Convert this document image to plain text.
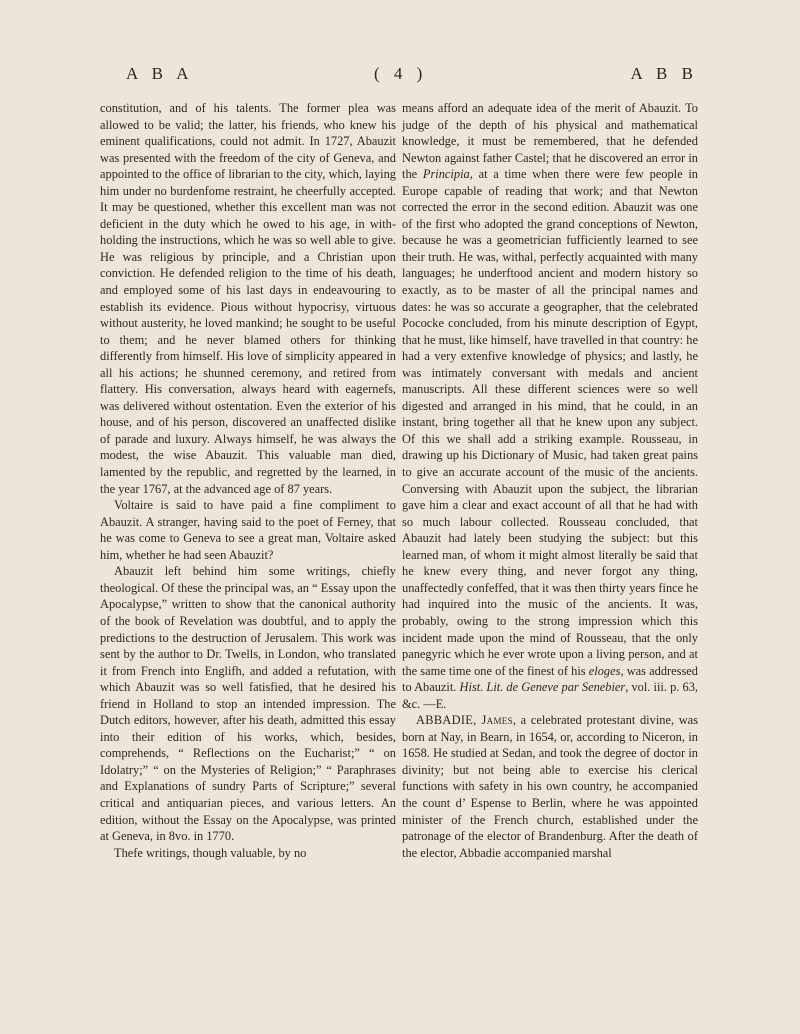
A B A	( 4 )	A B B

constitution, and of his talents. The former plea was allowed to be valid; the latter, his friends, who knew his eminent qualifications, could not admit. In 1727, Abauzit was presented with the freedom of the city of Geneva, and appointed to the office of librarian to the city, which, laying him under no burdenfome restraint, he cheerfully accepted. It may be questioned, whether this excellent man was not deficient in the duty which he owed to his age, in with-holding the instructions, which he was so well able to give. He was religious by principle, and a Christian upon conviction. He defended religion to the time of his death, and employed some of his last days in endeavouring to establish its evidence. Pious without hypocrisy, virtuous without austerity, he loved mankind; he sought to be useful to them; and he never blamed others for thinking differently from himself. His love of simplicity appeared in all his actions; he shunned ceremony, and retired from flattery. His conversation, always heard with eagernefs, was delivered without ostentation. Even the exterior of his house, and of his person, discovered an unaffected dislike of parade and luxury. Always himself, he was always the modest, the wise Abauzit. This valuable man died, lamented by the republic, and regretted by the learned, in the year 1767, at the advanced age of 87 years.

Voltaire is said to have paid a fine compliment to Abauzit. A stranger, having said to the poet of Ferney, that he was come to Geneva to see a great man, Voltaire asked him, whether he had seen Abauzit?

Abauzit left behind him some writings, chiefly theological. Of these the principal was, an “ Essay upon the Apocalypse,” written to show that the canonical authority of the book of Revelation was doubtful, and to apply the predictions to the destruction of Jerusalem. This work was sent by the author to Dr. Twells, in London, who translated it from French into Englifh, and added a refutation, with which Abauzit was so well fatisfied, that he desired his friend in Holland to stop an intended impression. The Dutch editors, however, after his death, admitted this essay into their edition of his works, which, besides, comprehends, “ Reflections on the Eucharist;” “ on Idolatry;” “ on the Mysteries of Religion;” “ Paraphrases and Explanations of sundry Parts of Scripture;” several critical and antiquarian pieces, and various letters. An edition, without the Essay on the Apocalypse, was printed at Geneva, in 8vo. in 1770.

Thefe writings, though valuable, by no

means afford an adequate idea of the merit of Abauzit. To judge of the depth of his physical and mathematical knowledge, it must be remembered, that he defended Newton against father Castel; that he discovered an error in the Principia, at a time when there were few people in Europe capable of reading that work; and that Newton corrected the error in the second edition. Abauzit was one of the first who adopted the grand conceptions of Newton, because he was a geometrician fufficiently learned to see their truth. He was, withal, perfectly acquainted with many languages; he underftood ancient and modern history so exactly, as to be master of all the principal names and dates: he was so accurate a geographer, that the celebrated Pococke concluded, from his minute description of Egypt, that he must, like himself, have travelled in that country: he had a very extenfive knowledge of physics; and lastly, he was intimately conversant with medals and ancient manuscripts. All these different sciences were so well digested and arranged in his mind, that he could, in an instant, bring together all that he knew upon any subject. Of this we shall add a striking example. Rousseau, in drawing up his Dictionary of Music, had taken great pains to give an accurate account of the music of the ancients. Conversing with Abauzit upon the subject, the librarian gave him a clear and exact account of all that he had with so much labour collected. Rousseau concluded, that Abauzit had lately been studying the subject: but this learned man, of whom it might almost literally be said that he knew every thing, and never forgot any thing, unaffectedly confeffed, that it was then thirty years fince he had inquired into the music of the ancients. It was, probably, owing to the strong impression which this incident made upon the mind of Rousseau, that the only panegyric which he ever wrote upon a living person, and at the same time one of the finest of his eloges, was addressed to Abauzit. Hist. Lit. de Geneve par Senebier, vol. iii. p. 63, &c. —E.

ABBADIE, James, a celebrated protestant divine, was born at Nay, in Bearn, in 1654, or, according to Niceron, in 1658. He studied at Sedan, and took the degree of doctor in divinity; but not being able to exercise his clerical functions with safety in his own country, he accompanied the count d’ Espense to Berlin, where he was appointed minister of the French church, established under the patronage of the elector of Brandenburg. After the death of the elector, Abbadie accompanied marshal
